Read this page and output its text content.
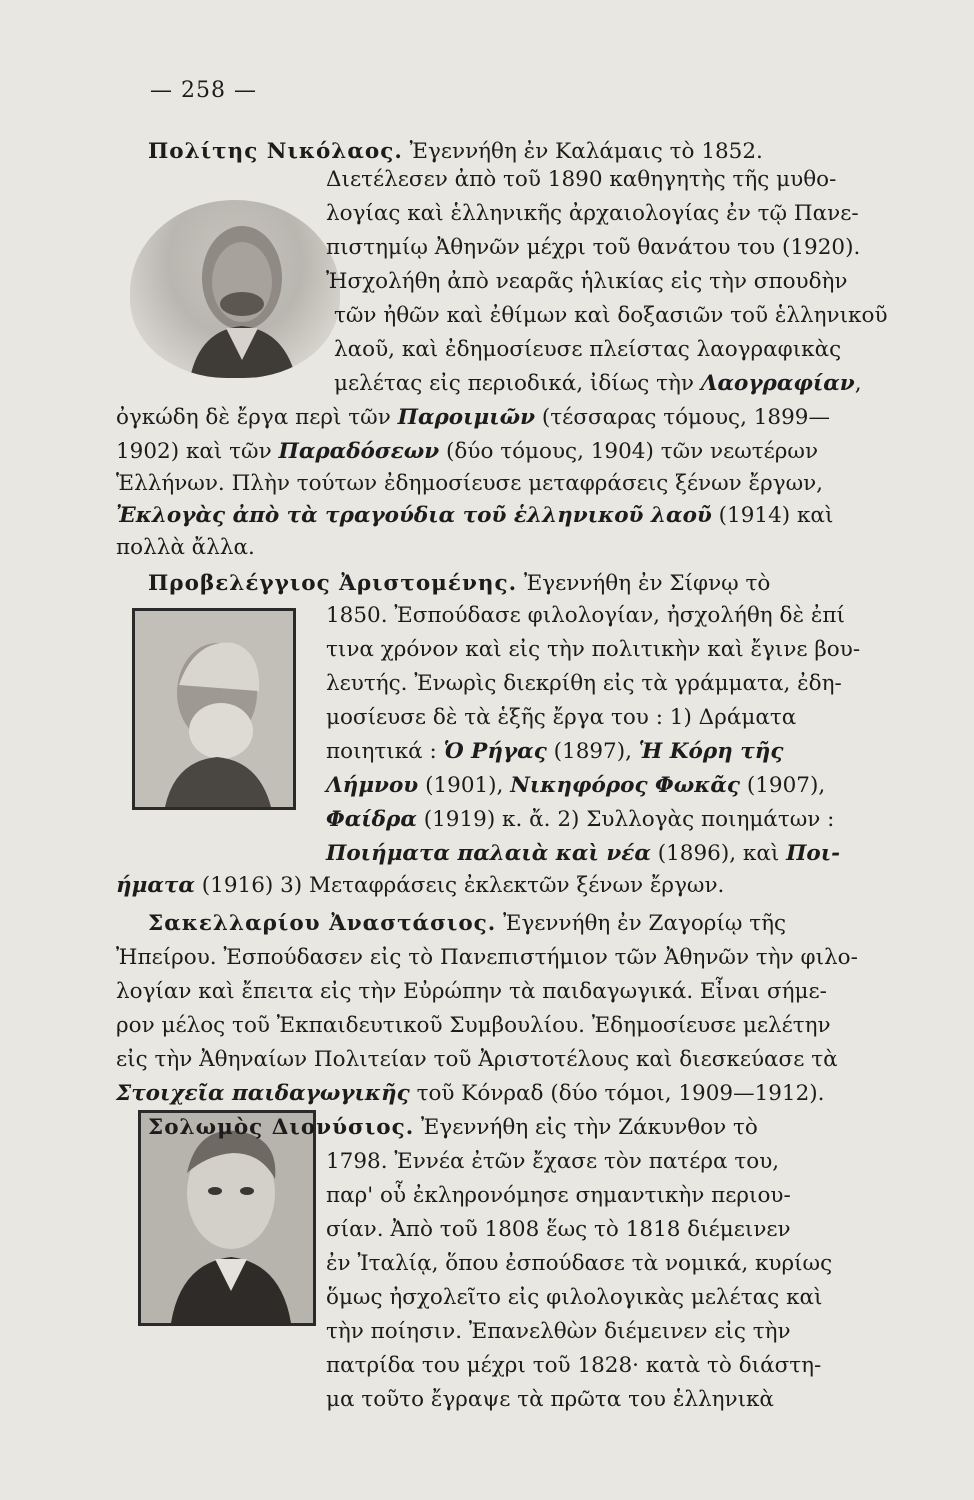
— 258 —
Πολίτης Νικόλαος. Ἐγεννήθη ἐν Καλάμαις τὸ 1852.
Διετέλεσεν ἀπὸ τοῦ 1890 καθηγητὴς τῆς μυθο-
λογίας καὶ ἑλληνικῆς ἀρχαιολογίας ἐν τῷ Πανε-
πιστημίῳ Ἀθηνῶν μέχρι τοῦ θανάτου του (1920).
Ἠσχολήθη ἀπὸ νεαρᾶς ἡλικίας εἰς τὴν σπουδὴν
τῶν ἠθῶν καὶ ἐθίμων καὶ δοξασιῶν τοῦ ἑλληνικοῦ
λαοῦ, καὶ ἐδημοσίευσε πλείστας λαογραφικὰς
μελέτας εἰς περιοδικά, ἰδίως τὴν Λαογραφίαν,
ὀγκώδη δὲ ἔργα περὶ τῶν Παροιμιῶν (τέσσαρας τόμους, 1899—
1902) καὶ τῶν Παραδόσεων (δύο τόμους, 1904) τῶν νεωτέρων
Ἑλλήνων. Πλὴν τούτων ἐδημοσίευσε μεταφράσεις ξένων ἔργων,
Ἐκλογὰς ἀπὸ τὰ τραγούδια τοῦ ἑλληνικοῦ λαοῦ (1914) καὶ
πολλὰ ἄλλα.
Προβελέγγιος Ἀριστομένης. Ἐγεννήθη ἐν Σίφνῳ τὸ
1850. Ἐσπούδασε φιλολογίαν, ἠσχολήθη δὲ ἐπί
τινα χρόνον καὶ εἰς τὴν πολιτικὴν καὶ ἔγινε βου-
λευτής. Ἐνωρὶς διεκρίθη εἰς τὰ γράμματα, ἐδη-
μοσίευσε δὲ τὰ ἑξῆς ἔργα του : 1) Δράματα
ποιητικά : Ὁ Ρήγας (1897), Ἡ Κόρη τῆς
Λήμνου (1901), Νικηφόρος Φωκᾶς (1907),
Φαίδρα (1919) κ. ἄ. 2) Συλλογὰς ποιημάτων :
Ποιήματα παλαιὰ καὶ νέα (1896), καὶ Ποι-
ήματα (1916) 3) Μεταφράσεις ἐκλεκτῶν ξένων ἔργων.
Σακελλαρίου Ἀναστάσιος. Ἐγεννήθη ἐν Ζαγορίῳ τῆς
Ἠπείρου. Ἐσπούδασεν εἰς τὸ Πανεπιστήμιον τῶν Ἀθηνῶν τὴν φιλο-
λογίαν καὶ ἔπειτα εἰς τὴν Εὐρώπην τὰ παιδαγωγικά. Εἶναι σήμε-
ρον μέλος τοῦ Ἐκπαιδευτικοῦ Συμβουλίου. Ἐδημοσίευσε μελέτην
εἰς τὴν Ἀθηναίων Πολιτείαν τοῦ Ἀριστοτέλους καὶ διεσκεύασε τὰ
Στοιχεῖα παιδαγωγικῆς τοῦ Κόνραδ (δύο τόμοι, 1909—1912).
Σολωμὸς Διονύσιος. Ἐγεννήθη εἰς τὴν Ζάκυνθον τὸ
1798. Ἐννέα ἐτῶν ἔχασε τὸν πατέρα του,
παρ' οὗ ἐκληρονόμησε σημαντικὴν περιου-
σίαν. Ἀπὸ τοῦ 1808 ἕως τὸ 1818 διέμεινεν
ἐν Ἰταλίᾳ, ὅπου ἐσπούδασε τὰ νομικά, κυρίως
ὅμως ἠσχολεῖτο εἰς φιλολογικὰς μελέτας καὶ
τὴν ποίησιν. Ἐπανελθὼν διέμεινεν εἰς τὴν
πατρίδα του μέχρι τοῦ 1828· κατὰ τὸ διάστη-
μα τοῦτο ἔγραψε τὰ πρῶτα του ἑλληνικὰ
